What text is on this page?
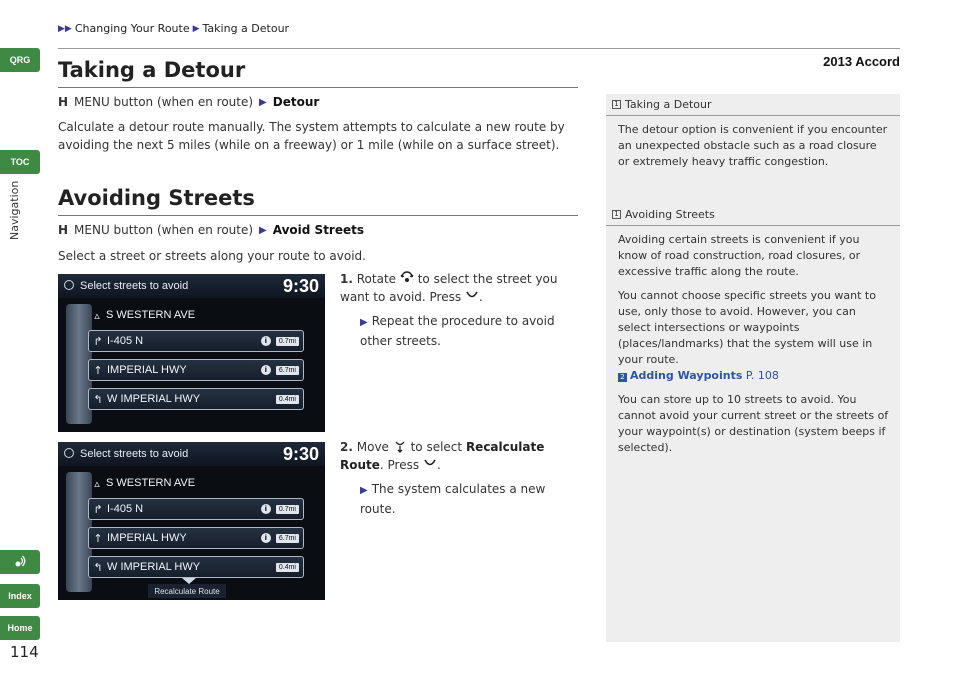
▶▶ Changing Your Route ▶ Taking a Detour
2013 Accord
QRG
TOC
Navigation
Index
Home
114
Taking a Detour
H MENU button (when en route) ▶ Detour
Calculate a detour route manually. The system attempts to calculate a new route by avoiding the next 5 miles (while on a freeway) or 1 mile (while on a surface street).
Avoiding Streets
H MENU button (when en route) ▶ Avoid Streets
Select a street or streets along your route to avoid.
1. Rotate to select the street you want to avoid. Press .
▶ Repeat the procedure to avoid other streets.
2. Move to select Recalculate Route. Press .
▶ The system calculates a new route.
Select streets to avoid	9:30
▵ S WESTERN AVE
↱ I-405 N	i	0.7mi
↑ IMPERIAL HWY	i	6.7mi
↰ W IMPERIAL HWY	0.4mi
Select streets to avoid	9:30
▵ S WESTERN AVE
↱ I-405 N	i	0.7mi
↑ IMPERIAL HWY	i	6.7mi
↰ W IMPERIAL HWY	0.4mi
Recalculate Route
1 Taking a Detour

The detour option is convenient if you encounter an unexpected obstacle such as a road closure or extremely heavy traffic congestion.

1 Avoiding Streets

Avoiding certain streets is convenient if you know of road construction, road closures, or excessive traffic along the route.

You cannot choose specific streets you want to use, only those to avoid. However, you can select intersections or waypoints (places/landmarks) that the system will use in your route.
2 Adding Waypoints P. 108

You can store up to 10 streets to avoid. You cannot avoid your current street or the streets of your waypoint(s) or destination (system beeps if selected).
